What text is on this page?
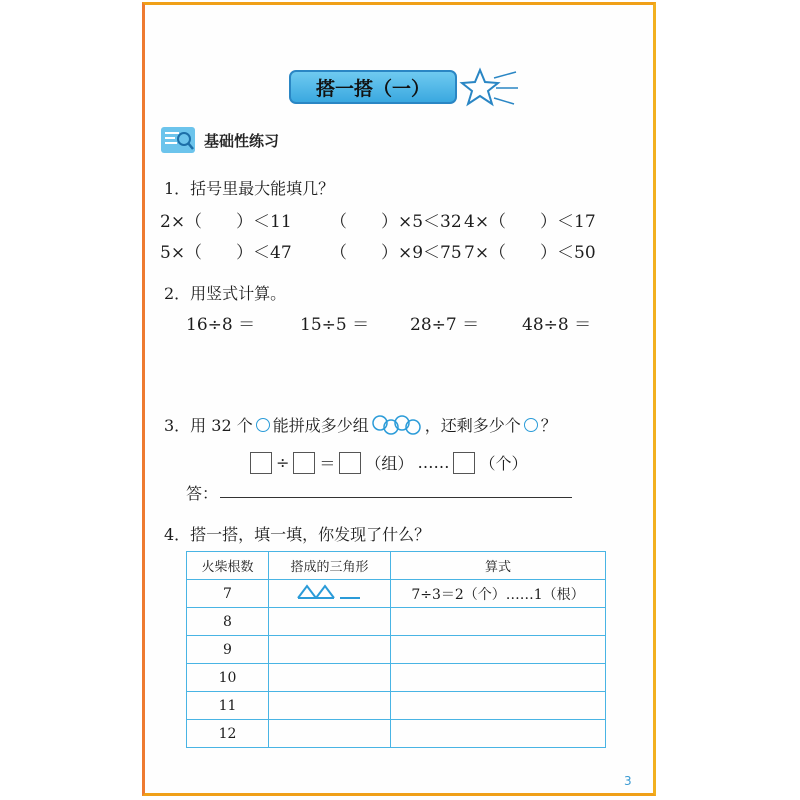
搭一搭（一）
基础性练习
1．括号里最大能填几？
2×（　　）＜11 （　　）×5＜32 4×（　　）＜17
5×（　　）＜47 （　　）×9＜75 7×（　　）＜50
2．用竖式计算。
16÷8 ＝	15÷5 ＝ 28÷7 ＝	48÷8 ＝
3．用 32 个 能拼成多少组	，还剩多少个 ？
÷ ＝ （组） …… （个）
答：
4．搭一搭，填一填，你发现了什么？
火柴根数	搭成的三角形	算式
7		7÷3＝2（个）……1（根）
8		
9		
10		
11		
12		
3
